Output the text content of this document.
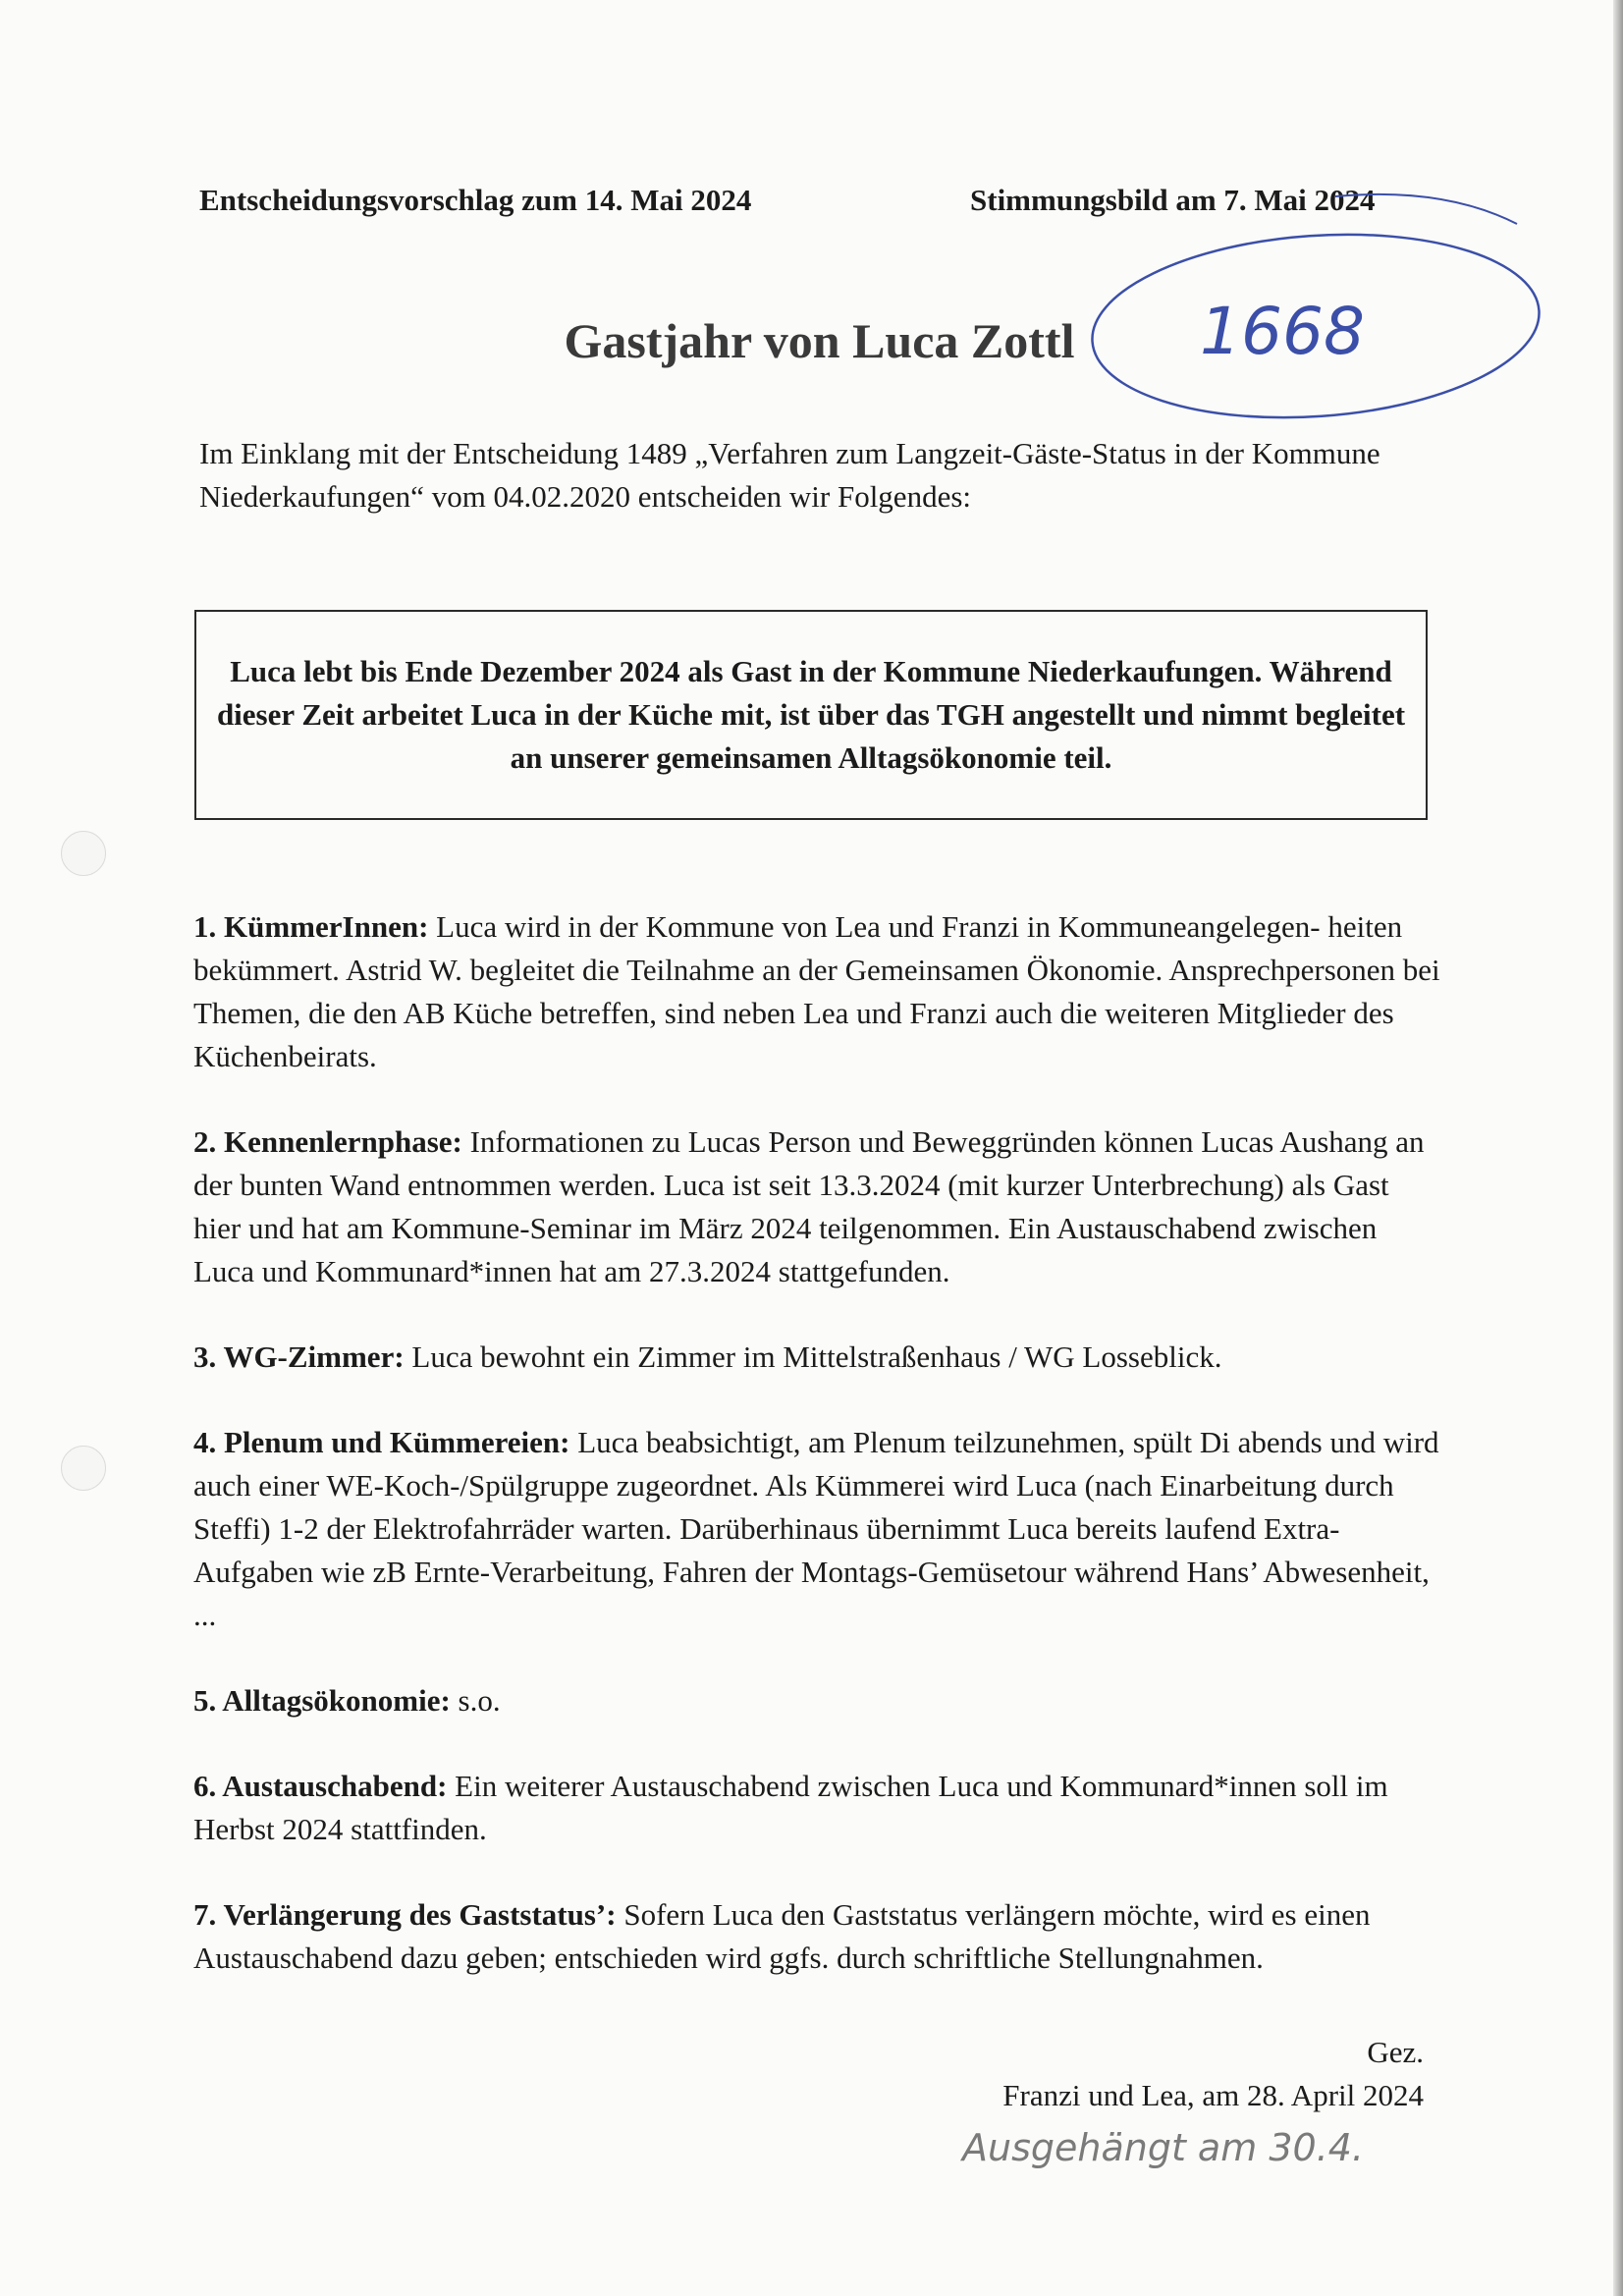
Entscheidungsvorschlag zum 14. Mai 2024	Stimmungsbild am 7. Mai 2024
Gastjahr von Luca Zottl
Im Einklang mit der Entscheidung 1489 „Verfahren zum Langzeit-Gäste-Status in der Kommune Niederkaufungen“ vom 04.02.2020 entscheiden wir Folgendes:
Luca lebt bis Ende Dezember 2024 als Gast in der Kommune Niederkaufungen. Während dieser Zeit arbeitet Luca in der Küche mit, ist über das TGH angestellt und nimmt begleitet an unserer gemeinsamen Alltagsökonomie teil.

1. KümmerInnen: Luca wird in der Kommune von Lea und Franzi in Kommuneangelegen- heiten bekümmert. Astrid W. begleitet die Teilnahme an der Gemeinsamen Ökonomie. Ansprechpersonen bei Themen, die den AB Küche betreffen, sind neben Lea und Franzi auch die weiteren Mitglieder des Küchenbeirats.

2. Kennenlernphase: Informationen zu Lucas Person und Beweggründen können Lucas Aushang an der bunten Wand entnommen werden. Luca ist seit 13.3.2024 (mit kurzer Unterbrechung) als Gast hier und hat am Kommune-Seminar im März 2024 teilgenommen. Ein Austauschabend zwischen Luca und Kommunard*innen hat am 27.3.2024 stattgefunden.

3. WG-Zimmer: Luca bewohnt ein Zimmer im Mittelstraßenhaus / WG Losseblick.

4. Plenum und Kümmereien: Luca beabsichtigt, am Plenum teilzunehmen, spült Di abends und wird auch einer WE-Koch-/Spülgruppe zugeordnet. Als Kümmerei wird Luca (nach Einarbeitung durch Steffi) 1-2 der Elektrofahrräder warten. Darüberhinaus übernimmt Luca bereits laufend Extra-Aufgaben wie zB Ernte-Verarbeitung, Fahren der Montags-Gemüsetour während Hans’ Abwesenheit, ...

5. Alltagsökonomie: s.o.

6. Austauschabend: Ein weiterer Austauschabend zwischen Luca und Kommunard*innen soll im Herbst 2024 stattfinden.

7. Verlängerung des Gaststatus’: Sofern Luca den Gaststatus verlängern möchte, wird es einen Austauschabend dazu geben; entschieden wird ggfs. durch schriftliche Stellungnahmen.

Gez.
Franzi und Lea, am 28. April 2024
1668
Ausgehängt am 30.4.
